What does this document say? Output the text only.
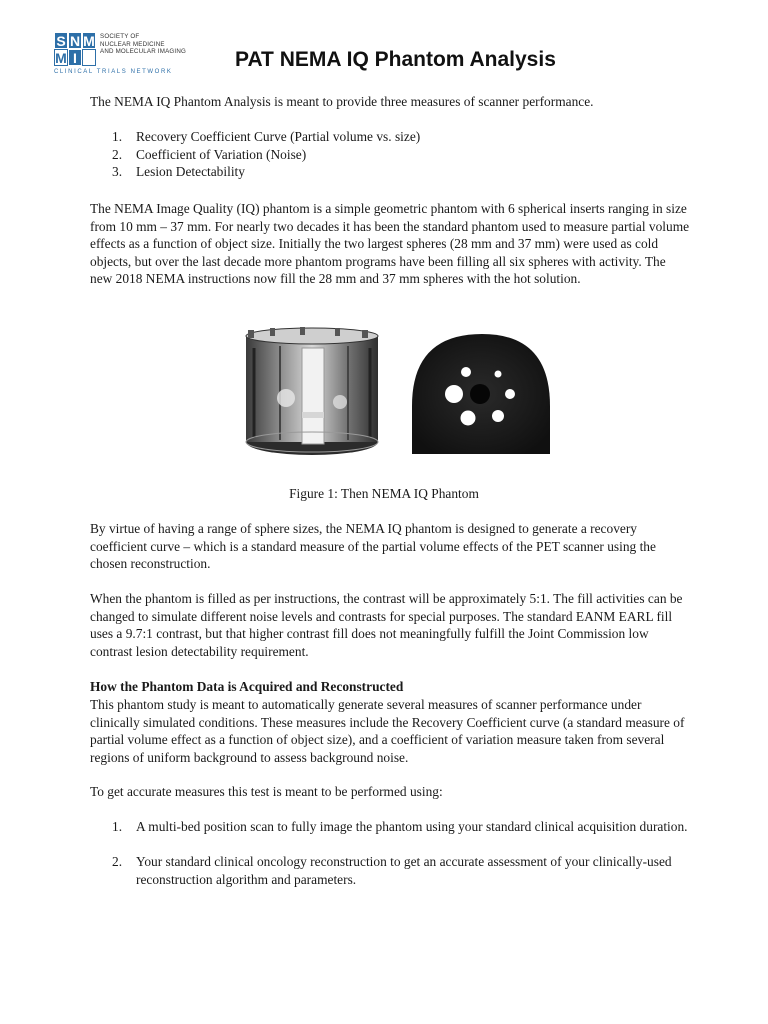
S N M
M I
SOCIETY OF
NUCLEAR MEDICINE
AND MOLECULAR IMAGING
CLINICAL TRIALS NETWORK
PAT NEMA IQ Phantom Analysis

The NEMA IQ Phantom Analysis is meant to provide three measures of scanner performance.

1.	Recovery Coefficient Curve (Partial volume vs. size)
2.	Coefficient of Variation (Noise)
3.	Lesion Detectability

The NEMA Image Quality (IQ) phantom is a simple geometric phantom with 6 spherical inserts ranging in size from 10 mm – 37 mm. For nearly two decades it has been the standard phantom used to measure partial volume effects as a function of object size. Initially the two largest spheres (28 mm and 37 mm) were used as cold objects, but over the last decade more phantom programs have been filling all six spheres with activity. The new 2018 NEMA instructions now fill the 28 mm and 37 mm spheres with the hot solution.

Figure 1: Then NEMA IQ Phantom

By virtue of having a range of sphere sizes, the NEMA IQ phantom is designed to generate a recovery coefficient curve – which is a standard measure of the partial volume effects of the PET scanner using the chosen reconstruction.

When the phantom is filled as per instructions, the contrast will be approximately 5:1. The fill activities can be changed to simulate different noise levels and contrasts for special purposes. The standard EANM EARL fill uses a 9.7:1 contrast, but that higher contrast fill does not meaningfully fulfill the Joint Commission low contrast lesion detectability requirement.

How the Phantom Data is Acquired and Reconstructed

This phantom study is meant to automatically generate several measures of scanner performance under clinically simulated conditions. These measures include the Recovery Coefficient curve (a standard measure of partial volume effect as a function of object size), and a coefficient of variation measure taken from several regions of uniform background to assess background noise.

To get accurate measures this test is meant to be performed using:

1.	A multi-bed position scan to fully image the phantom using your standard clinical acquisition duration.
2.	Your standard clinical oncology reconstruction to get an accurate assessment of your clinically-used reconstruction algorithm and parameters.
